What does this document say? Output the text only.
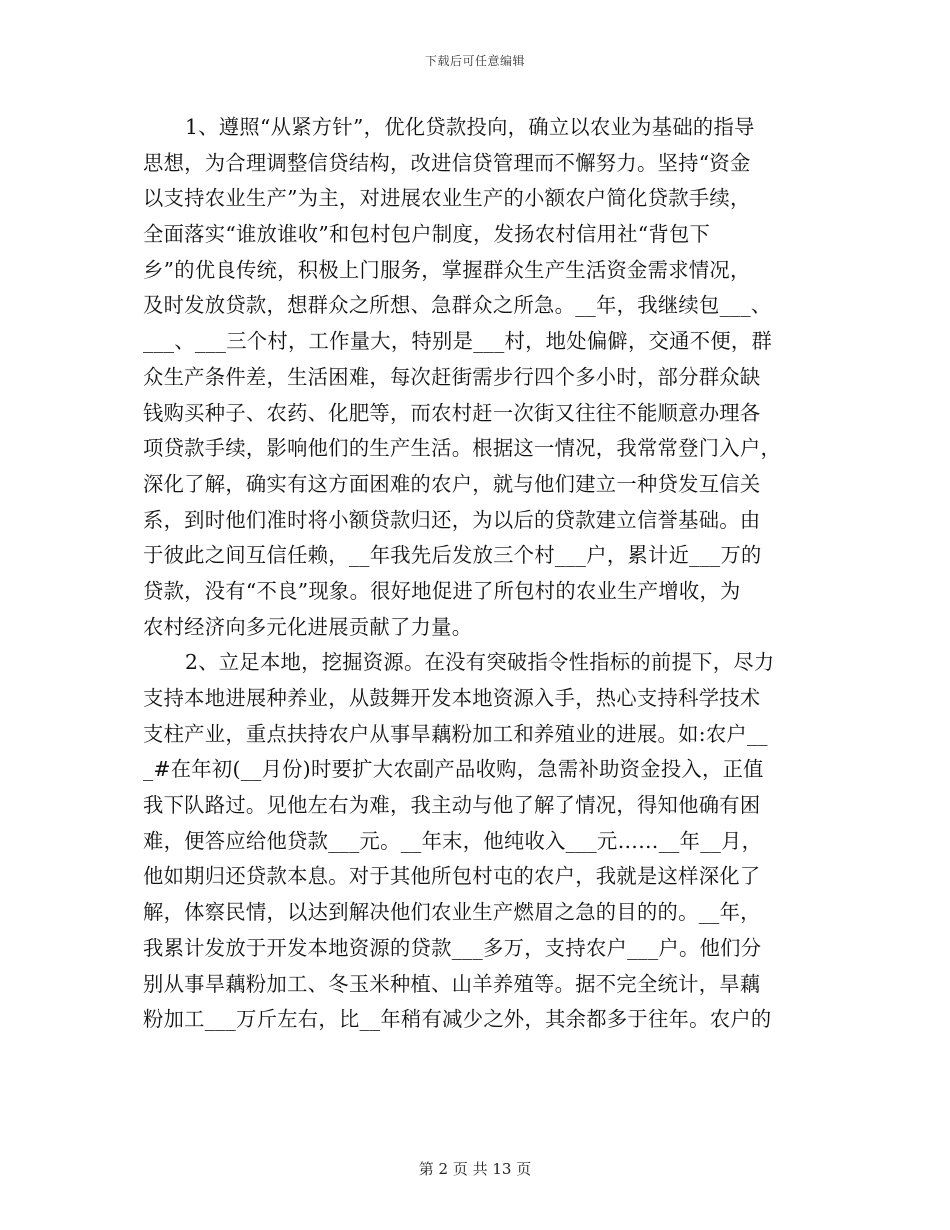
下载后可任意编辑
1、遵照“从紧方针”，优化贷款投向，确立以农业为基础的指导
思想，为合理调整信贷结构，改进信贷管理而不懈努力。坚持“资金
以支持农业生产”为主，对进展农业生产的小额农户简化贷款手续，
全面落实“谁放谁收”和包村包户制度，发扬农村信用社“背包下
乡”的优良传统，积极上门服务，掌握群众生产生活资金需求情况，
及时发放贷款，想群众之所想、急群众之所急。__年，我继续包___、
___、___三个村，工作量大，特别是___村，地处偏僻，交通不便，群
众生产条件差，生活困难，每次赶街需步行四个多小时，部分群众缺
钱购买种子、农药、化肥等，而农村赶一次街又往往不能顺意办理各
项贷款手续，影响他们的生产生活。根据这一情况，我常常登门入户，
深化了解，确实有这方面困难的农户，就与他们建立一种贷发互信关
系，到时他们准时将小额贷款归还，为以后的贷款建立信誉基础。由
于彼此之间互信任赖，__年我先后发放三个村___户，累计近___万的
贷款，没有“不良”现象。很好地促进了所包村的农业生产增收，为
农村经济向多元化进展贡献了力量。
2、立足本地，挖掘资源。在没有突破指令性指标的前提下，尽力
支持本地进展种养业，从鼓舞开发本地资源入手，热心支持科学技术
支柱产业，重点扶持农户从事旱藕粉加工和养殖业的进展。如:农户__
_#在年初(__月份)时要扩大农副产品收购，急需补助资金投入，正值
我下队路过。见他左右为难，我主动与他了解了情况，得知他确有困
难，便答应给他贷款___元。__年末，他纯收入___元……__年__月，
他如期归还贷款本息。对于其他所包村屯的农户，我就是这样深化了
解，体察民情，以达到解决他们农业生产燃眉之急的目的的。__年，
我累计发放于开发本地资源的贷款___多万，支持农户___户。他们分
别从事旱藕粉加工、冬玉米种植、山羊养殖等。据不完全统计，旱藕
粉加工___万斤左右，比__年稍有减少之外，其余都多于往年。农户的
第 2 页 共 13 页
